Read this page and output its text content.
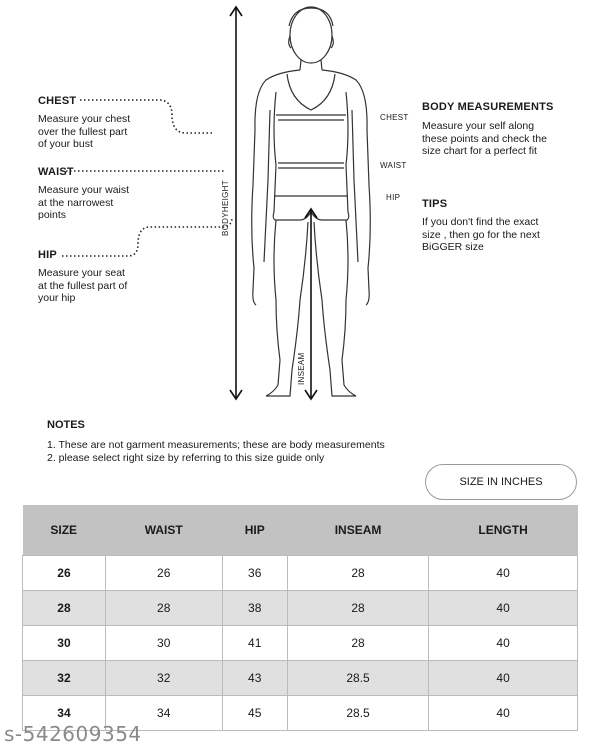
CHEST
Measure your chest
over the fullest part
of your bust
WAIST
Measure your waist
at the narrowest
points
HIP
Measure your seat
at the fullest part of
your hip
BODYHEIGHT
INSEAM
CHEST
WAIST
HIP
BODY MEASUREMENTS
Measure your self along
these points and check the
size chart for a perfect fit
TIPS
If you don't find the exact
size , then go for the next
BiGGER size
NOTES
1. These are not garment measurements; these are body measurements
2. please select right size by referring to this size guide only
SIZE IN INCHES
SIZE	WAIST	HIP	INSEAM	LENGTH
26	26	36	28	40
28	28	38	28	40
30	30	41	28	40
32	32	43	28.5	40
34	34	45	28.5	40
s-542609354
